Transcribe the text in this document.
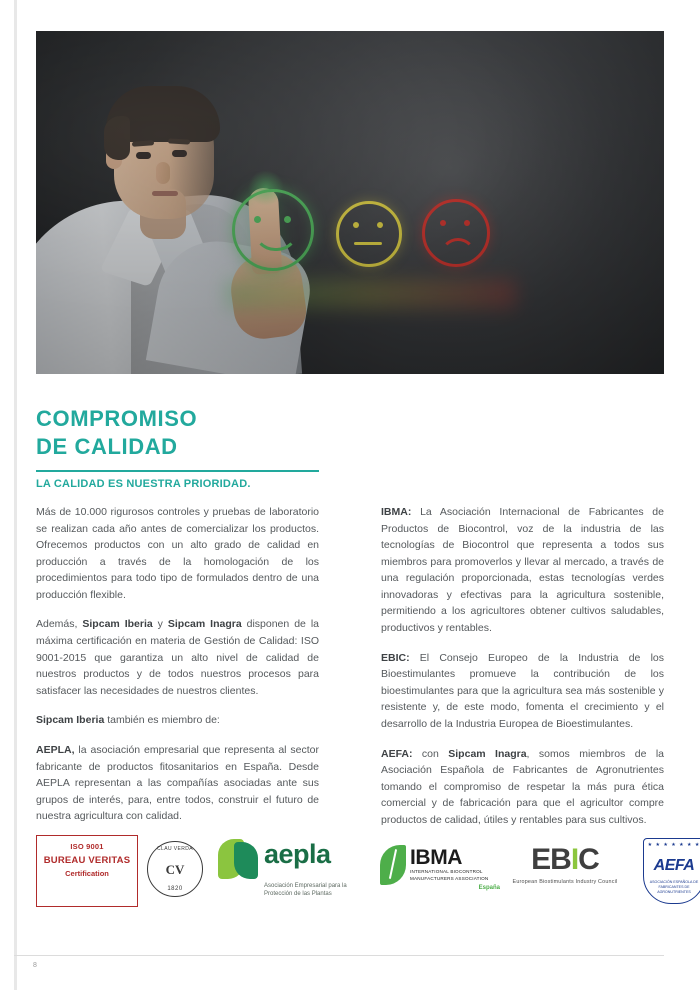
COMPROMISO
DE CALIDAD
LA CALIDAD ES NUESTRA PRIORIDAD.

Más de 10.000 rigurosos controles y pruebas de laboratorio se realizan cada año antes de comercializar los productos. Ofrecemos productos con un alto grado de calidad en producción a través de la homologación de los procedimientos para todo tipo de formulados dentro de una producción flexible.

Además, Sipcam Iberia y Sipcam Inagra disponen de la máxima certificación en materia de Gestión de Calidad: ISO 9001-2015 que garantiza un alto nivel de calidad de nuestros productos y de todos nuestros procesos para satisfacer las necesidades de nuestros clientes.

Sipcam Iberia también es miembro de:

AEPLA, la asociación empresarial que representa al sector fabricante de productos fitosanitarios en España. Desde AEPLA representan a las compañías asociadas ante sus grupos de interés, para, entre todos, construir el futuro de nuestra agricultura con calidad.

IBMA: La Asociación Internacional de Fabricantes de Productos de Biocontrol, voz de la industria de las tecnologías de Biocontrol que representa a todos sus miembros para promoverlos y llevar al mercado, a través de una regulación proporcionada, estas tecnologías verdes innovadoras y efectivas para la agricultura sostenible, permitiendo a los agricultores obtener cultivos saludables, productivos y rentables.

EBIC: El Consejo Europeo de la Industria de los Bioestimulantes promueve la contribución de los bioestimulantes para que la agricultura sea más sostenible y resistente y, de este modo, fomenta el crecimiento y el desarrollo de la Industria Europea de Bioestimulantes.

AEFA: con Sipcam Inagra, somos miembros de la Asociación Española de Fabricantes de Agronutrientes tomando el compromiso de respetar la más pura ética comercial y de fabricación para que el agricultor compre productos de calidad, útiles y rentables para sus cultivos.

ISO 9001
BUREAU VERITAS
Certification
CLAU VERDA
CV
1820
aepla
Asociación Empresarial para la Protección de las Plantas
IBMA
INTERNATIONAL BIOCONTROL MANUFACTURERS ASSOCIATION
España
EBIC
European Biostimulants Industry Council
★ ★ ★ ★ ★ ★ ★
AEFA
ASOCIACIÓN ESPAÑOLA DE FABRICANTES DE AGRONUTRIENTES
8
